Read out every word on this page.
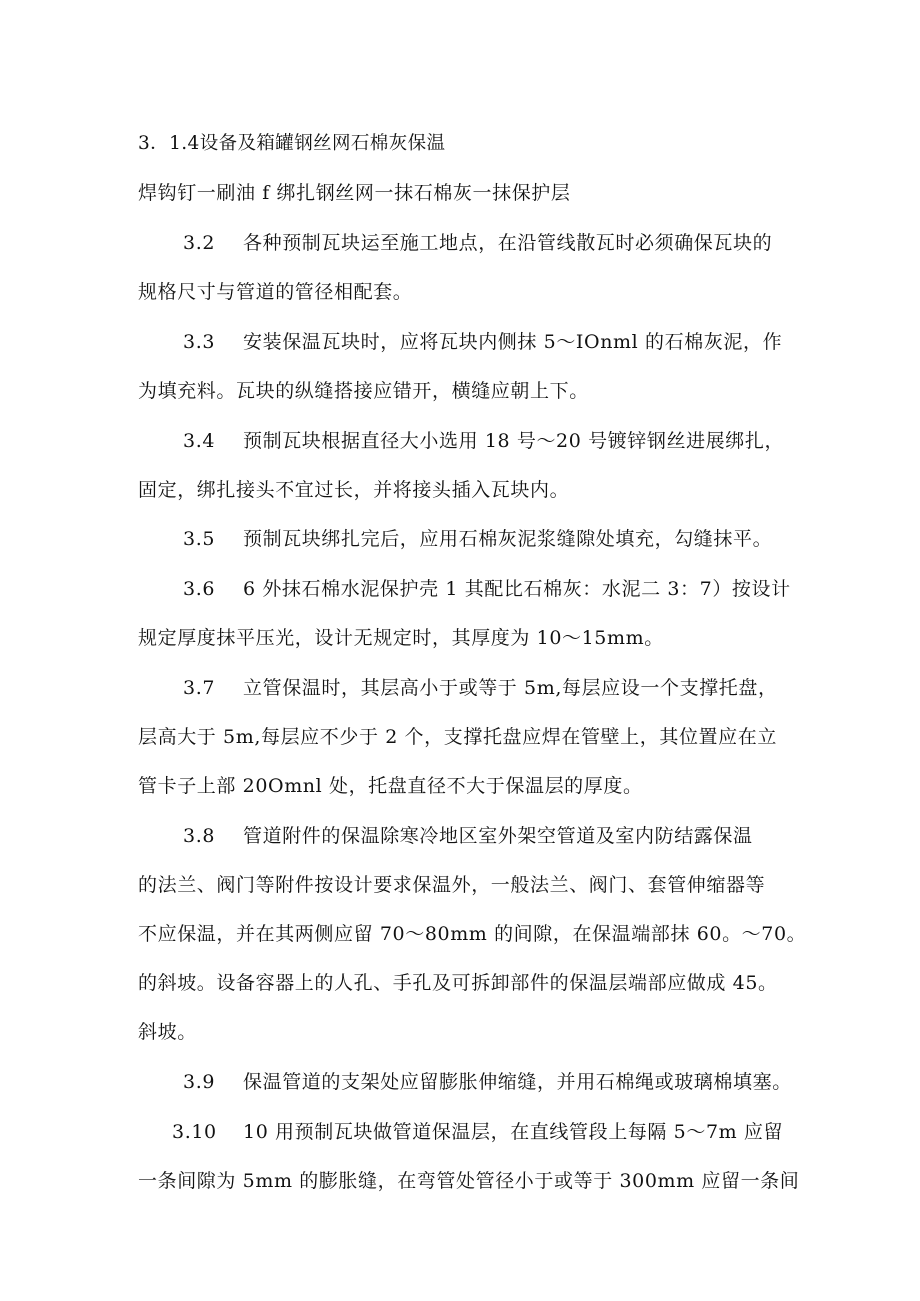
3．1.4设备及箱罐钢丝网石棉灰保温
焊钩钉一刷油 f 绑扎钢丝网一抹石棉灰一抹保护层
3.2 各种预制瓦块运至施工地点，在沿管线散瓦时必须确保瓦块的
规格尺寸与管道的管径相配套。
3.3 安装保温瓦块时，应将瓦块内侧抹 5～IOnml 的石棉灰泥，作
为填充料。瓦块的纵缝搭接应错开，横缝应朝上下。
3.4 预制瓦块根据直径大小选用 18 号～20 号镀锌钢丝进展绑扎，
固定，绑扎接头不宜过长，并将接头插入瓦块内。
3.5 预制瓦块绑扎完后，应用石棉灰泥浆缝隙处填充，勾缝抹平。
3.6 6 外抹石棉水泥保护壳 1 其配比石棉灰：水泥二 3：7）按设计
规定厚度抹平压光，设计无规定时，其厚度为 10～15mm。
3.7 立管保温时，其层高小于或等于 5m,每层应设一个支撑托盘，
层高大于 5m,每层应不少于 2 个，支撑托盘应焊在管壁上，其位置应在立
管卡子上部 20Omnl 处，托盘直径不大于保温层的厚度。
3.8 管道附件的保温除寒冷地区室外架空管道及室内防结露保温
的法兰、阀门等附件按设计要求保温外，一般法兰、阀门、套管伸缩器等
不应保温，并在其两侧应留 70～80mm 的间隙，在保温端部抹 60。～70。
的斜坡。设备容器上的人孔、手孔及可拆卸部件的保温层端部应做成 45。
斜坡。
3.9 保温管道的支架处应留膨胀伸缩缝，并用石棉绳或玻璃棉填塞。
3.10 10 用预制瓦块做管道保温层，在直线管段上每隔 5～7m 应留
一条间隙为 5mm 的膨胀缝，在弯管处管径小于或等于 300mm 应留一条间
